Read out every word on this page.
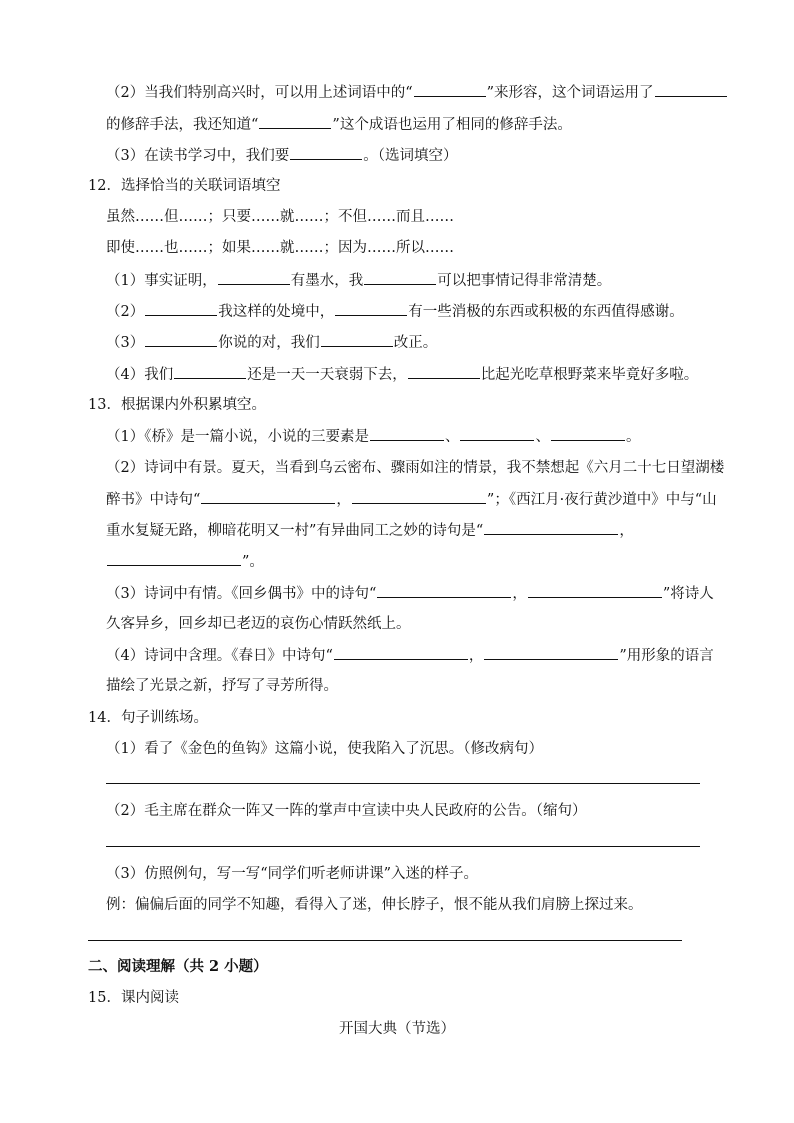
（2）当我们特别高兴时，可以用上述词语中的“	”来形容，这个词语运用了
的修辞手法，我还知道“	”这个成语也运用了相同的修辞手法。
（3）在读书学习中，我们要	。（选词填空）
12．选择恰当的关联词语填空
虽然……但……；只要……就……；不但……而且……
即使……也……；如果……就……；因为……所以……
（1）事实证明，	有墨水，我	可以把事情记得非常清楚。
（2）	我这样的处境中，	有一些消极的东西或积极的东西值得感谢。
（3）	你说的对，我们	改正。
（4）我们	还是一天一天衰弱下去，	比起光吃草根野菜来毕竟好多啦。
13．根据课内外积累填空。
（1）《桥》是一篇小说，小说的三要素是	、	、	。
（2）诗词中有景。夏天，当看到乌云密布、骤雨如注的情景，我不禁想起《六月二十七日望湖楼
醉书》中诗句“	，	”；《西江月·夜行黄沙道中》中与“山
重水复疑无路，柳暗花明又一村”有异曲同工之妙的诗句是“	，
”。
（3）诗词中有情。《回乡偶书》中的诗句“	，	”将诗人
久客异乡，回乡却已老迈的哀伤心情跃然纸上。
（4）诗词中含理。《春日》中诗句“	，	”用形象的语言
描绘了光景之新，抒写了寻芳所得。
14．句子训练场。
（1）看了《金色的鱼钩》这篇小说，使我陷入了沉思。（修改病句）
（2）毛主席在群众一阵又一阵的掌声中宣读中央人民政府的公告。（缩句）
（3）仿照例句，写一写“同学们听老师讲课”入迷的样子。
例：偏偏后面的同学不知趣，看得入了迷，伸长脖子，恨不能从我们肩膀上探过来。
二、阅读理解（共 2 小题）
15．课内阅读
开国大典（节选）
